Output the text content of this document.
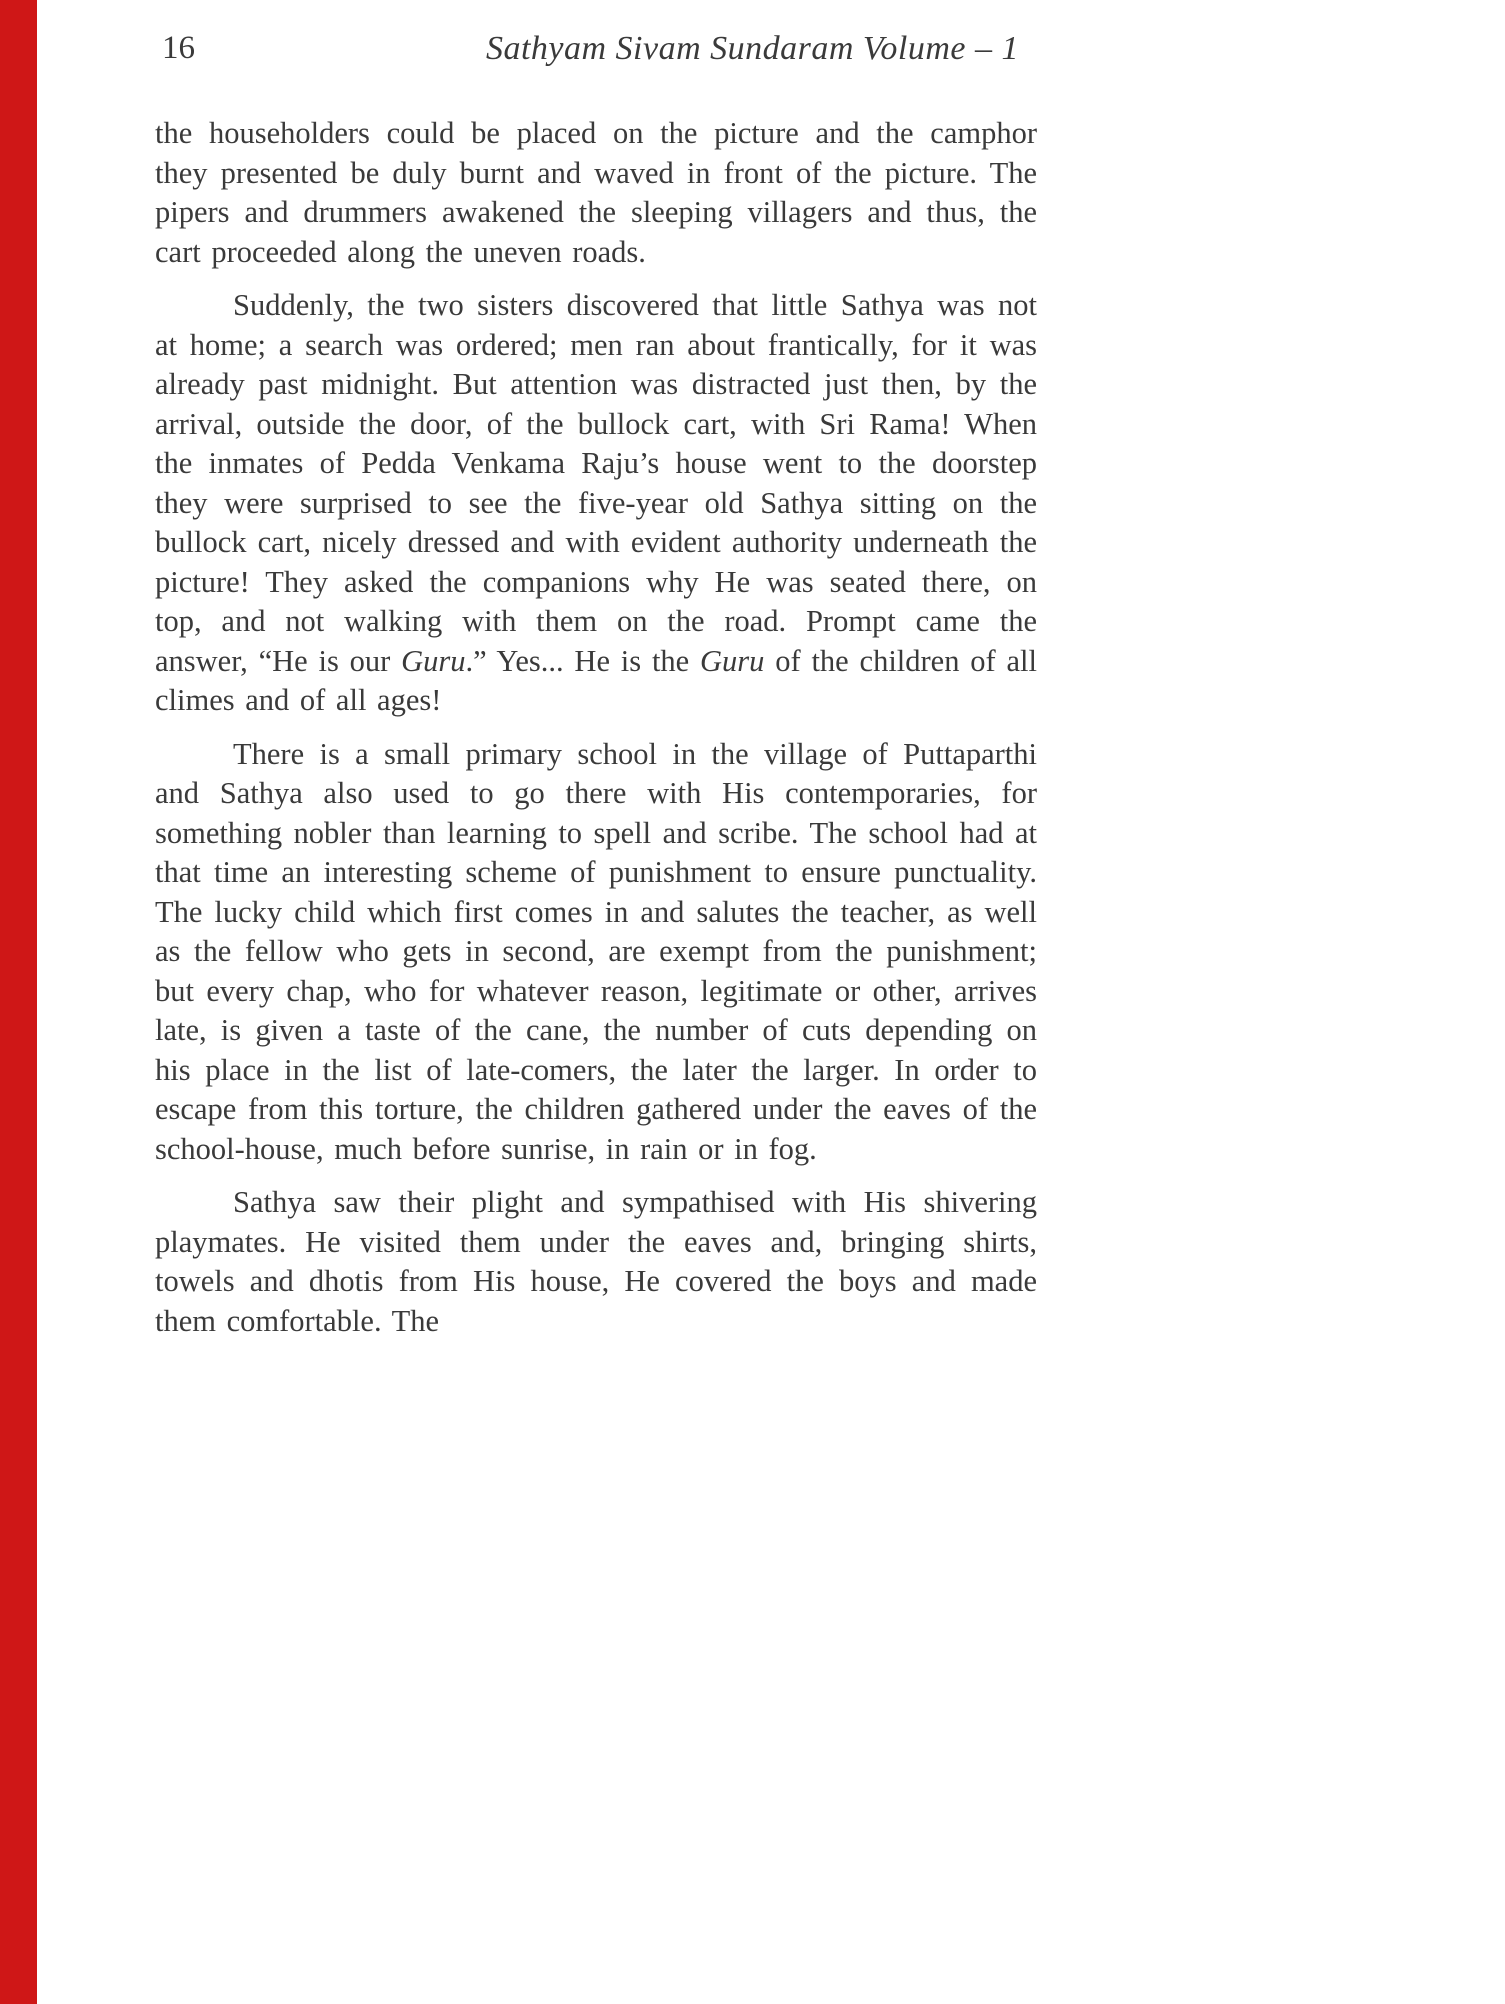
16	Sathyam Sivam Sundaram Volume – 1

the householders could be placed on the picture and the camphor they presented be duly burnt and waved in front of the picture. The pipers and drummers awakened the sleeping villagers and thus, the cart proceeded along the uneven roads.

Suddenly, the two sisters discovered that little Sathya was not at home; a search was ordered; men ran about frantically, for it was already past midnight. But attention was distracted just then, by the arrival, outside the door, of the bullock cart, with Sri Rama! When the inmates of Pedda Venkama Raju’s house went to the doorstep they were surprised to see the five-year old Sathya sitting on the bullock cart, nicely dressed and with evident authority underneath the picture! They asked the companions why He was seated there, on top, and not walking with them on the road. Prompt came the answer, “He is our Guru.” Yes... He is the Guru of the children of all climes and of all ages!

There is a small primary school in the village of Puttaparthi and Sathya also used to go there with His contemporaries, for something nobler than learning to spell and scribe. The school had at that time an interesting scheme of punishment to ensure punctuality. The lucky child which first comes in and salutes the teacher, as well as the fellow who gets in second, are exempt from the punishment; but every chap, who for whatever reason, legitimate or other, arrives late, is given a taste of the cane, the number of cuts depending on his place in the list of late-comers, the later the larger. In order to escape from this torture, the children gathered under the eaves of the school-house, much before sunrise, in rain or in fog.

Sathya saw their plight and sympathised with His shivering playmates. He visited them under the eaves and, bringing shirts, towels and dhotis from His house, He covered the boys and made them comfortable. The
